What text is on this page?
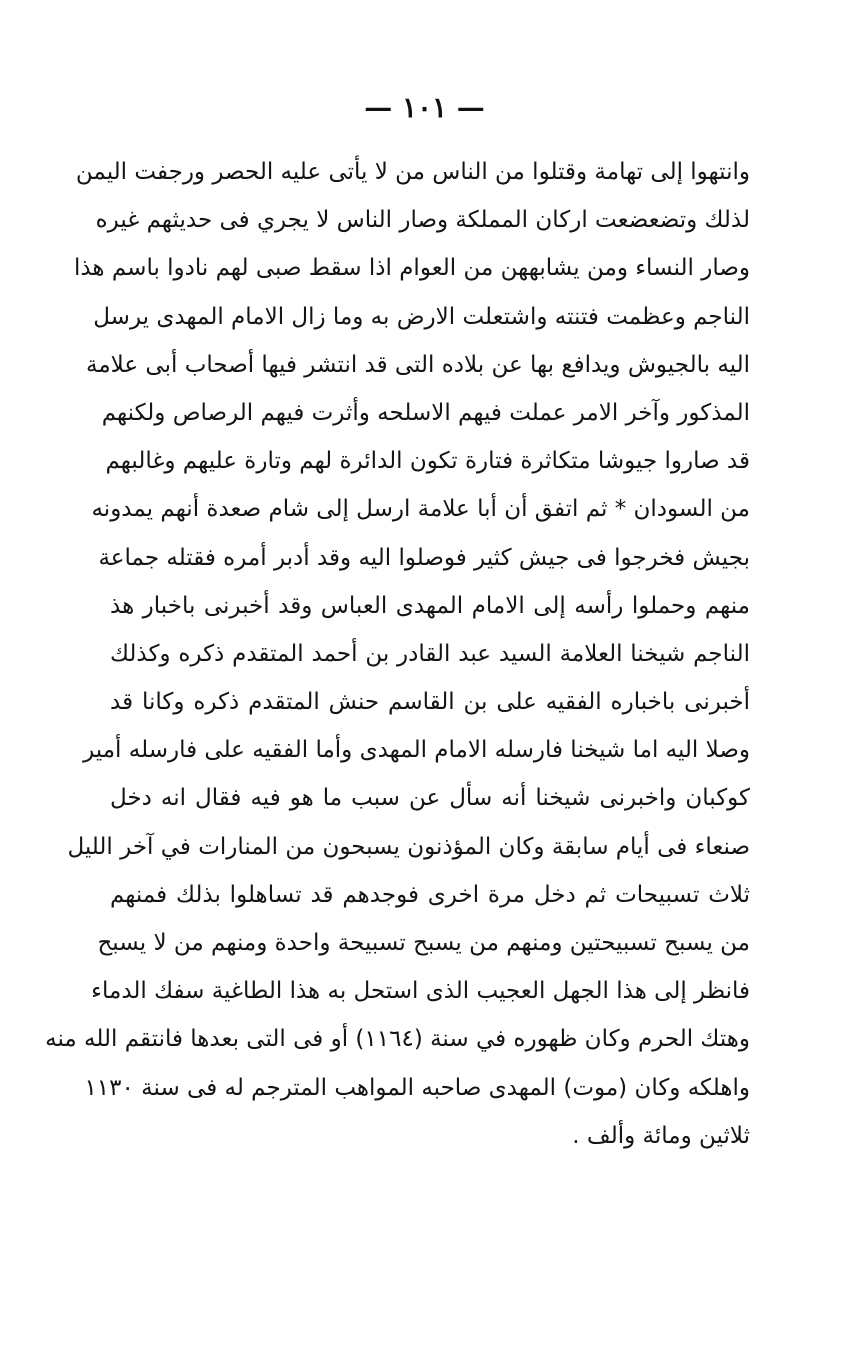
— ١٠١ —
وانتهوا إلى تهامة وقتلوا من الناس من لا يأتى عليه الحصر ورجفت اليمن
لذلك وتضعضعت اركان المملكة وصار الناس لا يجري فى حديثهم غيره
وصار النساء ومن يشابههن من العوام اذا سقط صبى لهم نادوا باسم هذا
الناجم وعظمت فتنته واشتعلت الارض به وما زال الامام المهدى يرسل
اليه بالجيوش ويدافع بها عن بلاده التى قد انتشر فيها أصحاب أبى علامة
المذكور وآخر الامر عملت فيهم الاسلحه وأثرت فيهم الرصاص ولكنهم
قد صاروا جيوشا متكاثرة فتارة تكون الدائرة لهم وتارة عليهم وغالبهم
من السودان * ثم اتفق أن أبا علامة ارسل إلى شام صعدة أنهم يمدونه
بجيش فخرجوا فى جيش كثير فوصلوا اليه وقد أدبر أمره فقتله جماعة
منهم وحملوا رأسه إلى الامام المهدى العباس وقد أخبرنى باخبار هذ
الناجم شيخنا العلامة السيد عبد القادر بن أحمد المتقدم ذكره وكذلك
أخبرنى باخباره الفقيه على بن القاسم حنش المتقدم ذكره وكانا قد
وصلا اليه اما شيخنا فارسله الامام المهدى وأما الفقيه على فارسله أمير
كوكبان واخبرنى شيخنا أنه سأل عن سبب ما هو فيه فقال انه دخل
صنعاء فى أيام سابقة وكان المؤذنون يسبحون من المنارات في آخر الليل
ثلاث تسبيحات ثم دخل مرة اخرى فوجدهم قد تساهلوا بذلك فمنهم
من يسبح تسبيحتين ومنهم من يسبح تسبيحة واحدة ومنهم من لا يسبح
فانظر إلى هذا الجهل العجيب الذى استحل به هذا الطاغية سفك الدماء
وهتك الحرم وكان ظهوره في سنة (١١٦٤) أو فى التى بعدها فانتقم الله منه
واهلكه وكان (موت) المهدى صاحبه المواهب المترجم له فى سنة ١١٣٠
ثلاثين ومائة وألف .
